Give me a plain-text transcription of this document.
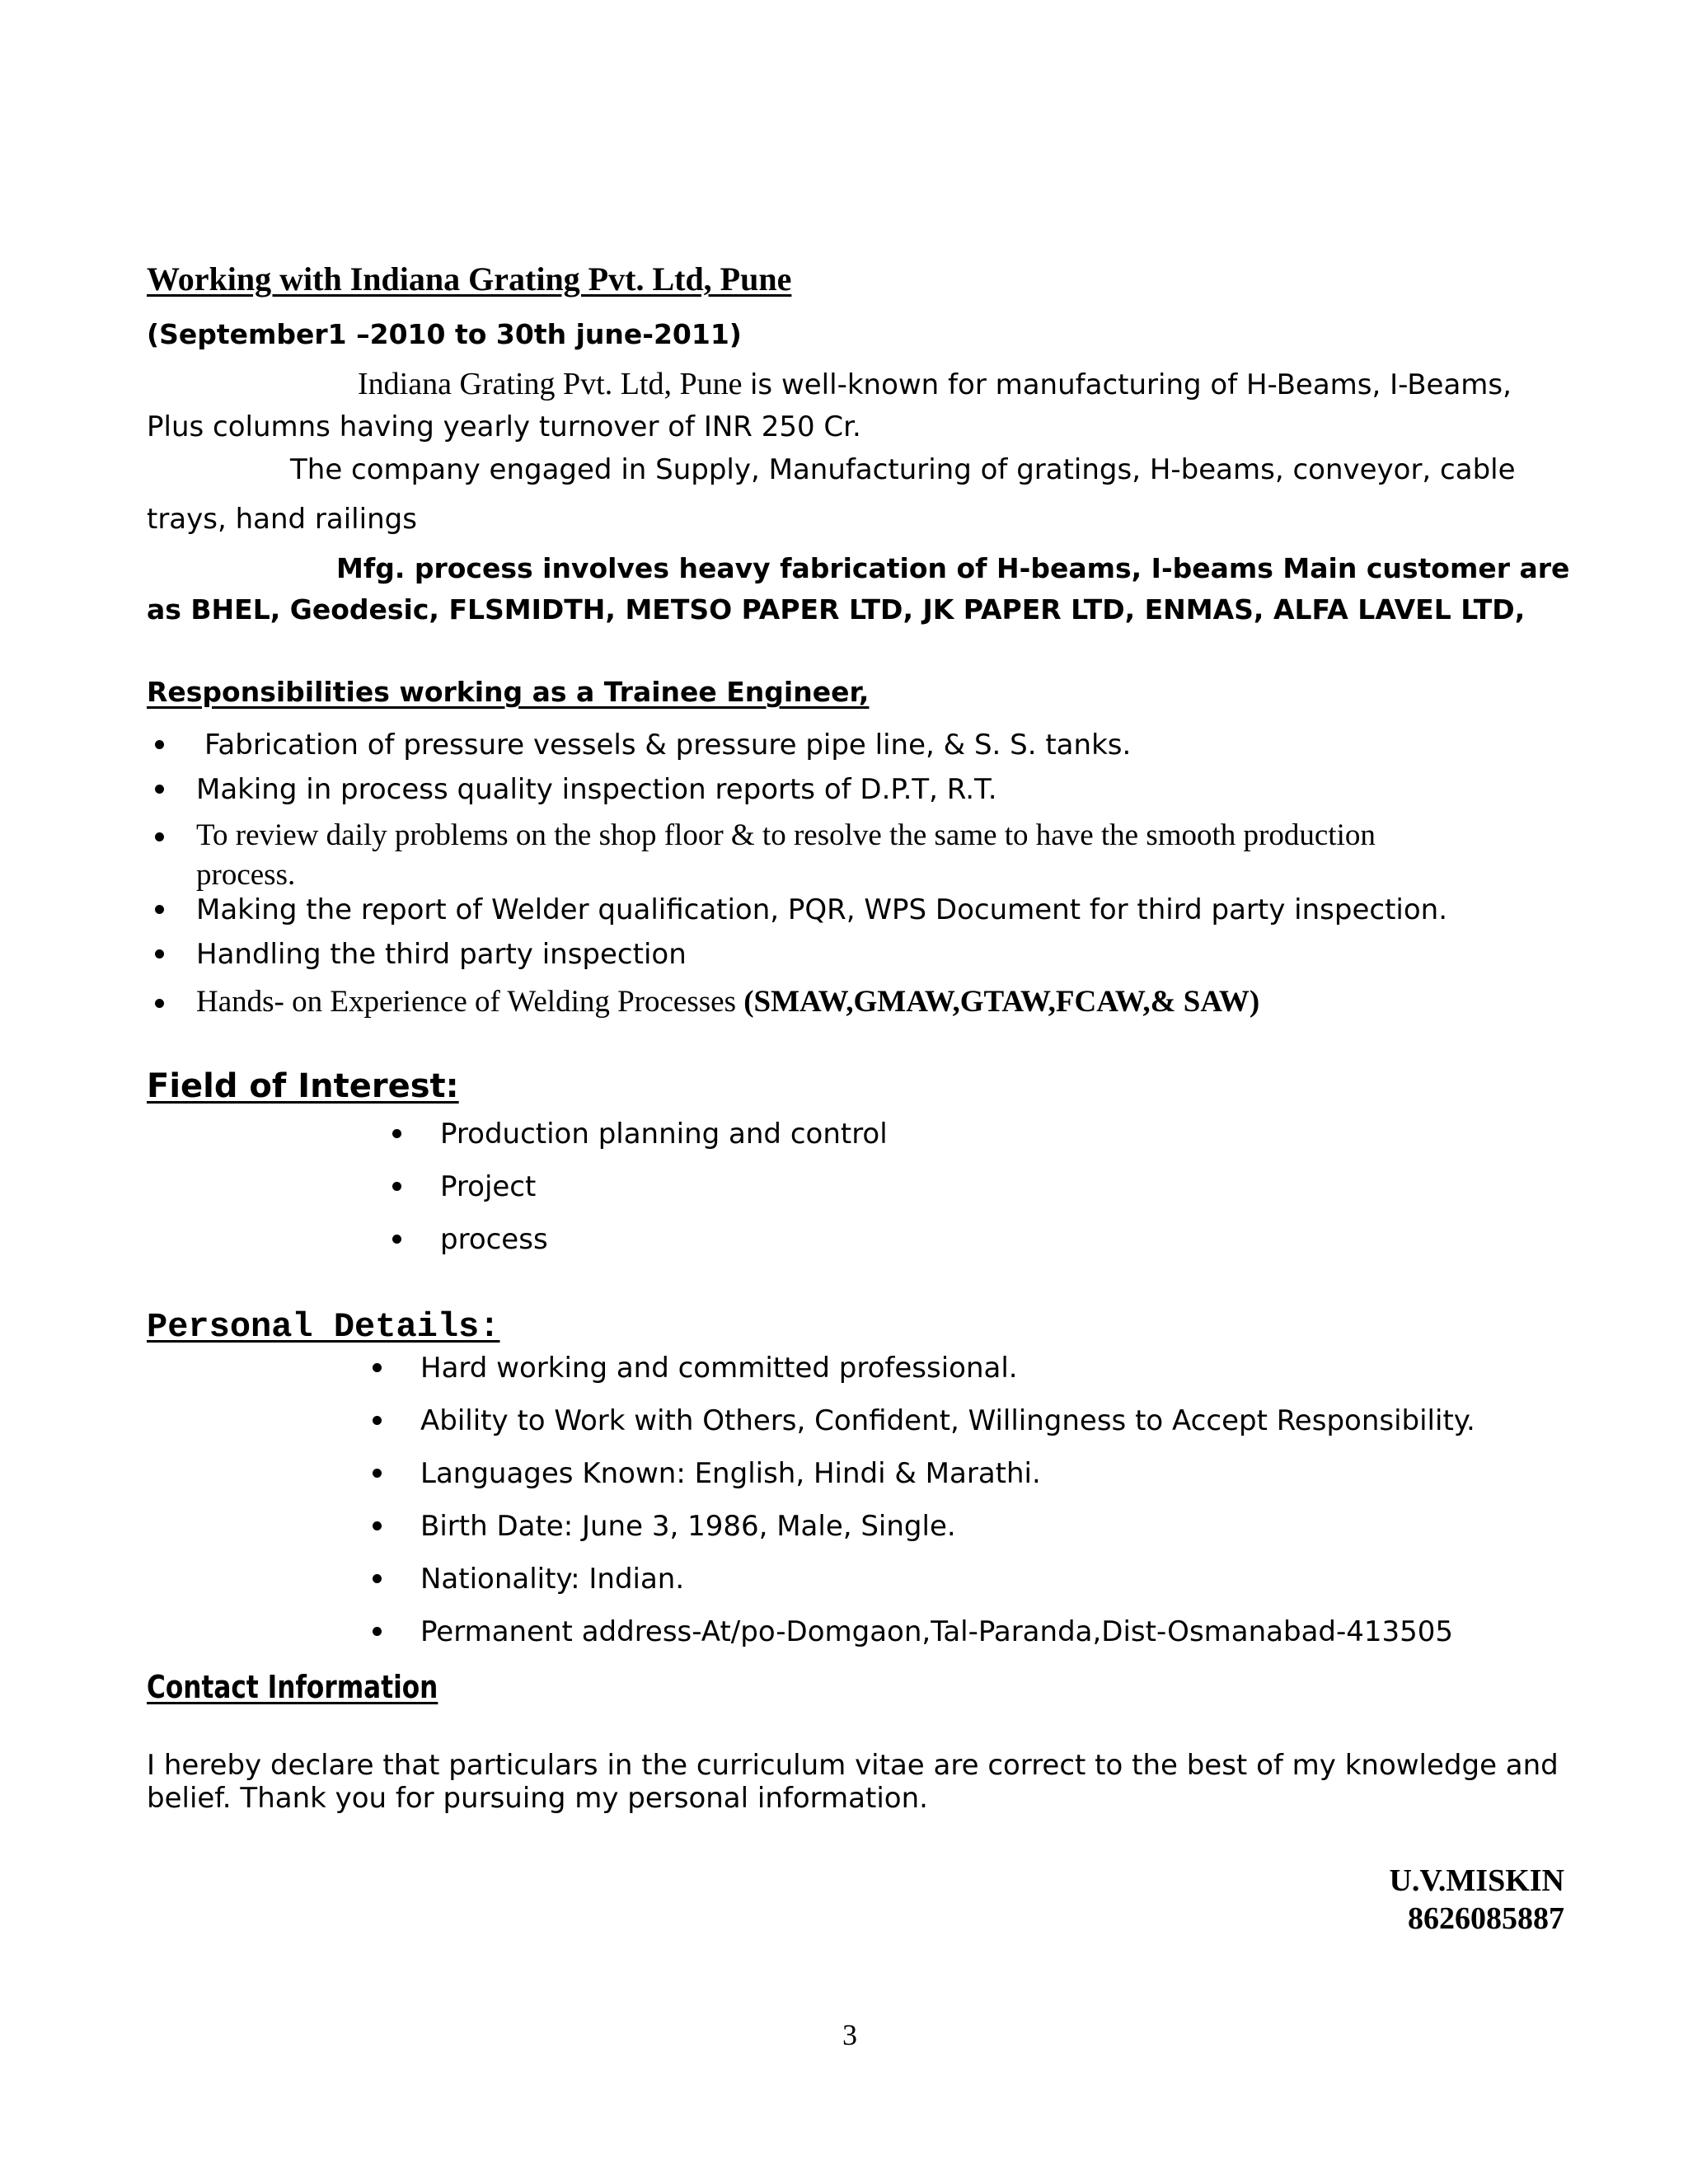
Working with Indiana Grating Pvt. Ltd, Pune

(September1 –2010 to 30th june-2011)

Indiana Grating Pvt. Ltd, Pune is well-known for manufacturing of H-Beams, I-Beams,

Plus columns having yearly turnover of INR 250 Cr.

The company engaged in Supply, Manufacturing of gratings, H-beams, conveyor, cable

trays, hand railings

Mfg. process involves heavy fabrication of H-beams, I-beams Main customer are

as BHEL, Geodesic, FLSMIDTH, METSO PAPER LTD, JK PAPER LTD, ENMAS, ALFA LAVEL LTD,

Responsibilities working as a Trainee Engineer,

Fabrication of pressure vessels & pressure pipe line, & S. S. tanks.

Making in process quality inspection reports of D.P.T, R.T.

To review daily problems on the shop floor & to resolve the same to have the smooth production

process.

Making the report of Welder qualification, PQR, WPS Document for third party inspection.

Handling the third party inspection

Hands- on Experience of Welding Processes (SMAW,GMAW,GTAW,FCAW,& SAW)

Field of Interest:

Production planning and control

Project

process

Personal Details:

Hard working and committed professional.

Ability to Work with Others, Confident, Willingness to Accept Responsibility.

Languages Known: English, Hindi & Marathi.

Birth Date: June 3, 1986, Male, Single.

Nationality: Indian.

Permanent address-At/po-Domgaon,Tal-Paranda,Dist-Osmanabad-413505

Contact Information

I hereby declare that particulars in the curriculum vitae are correct to the best of my knowledge and

belief. Thank you for pursuing my personal information.

U.V.MISKIN

8626085887

3
